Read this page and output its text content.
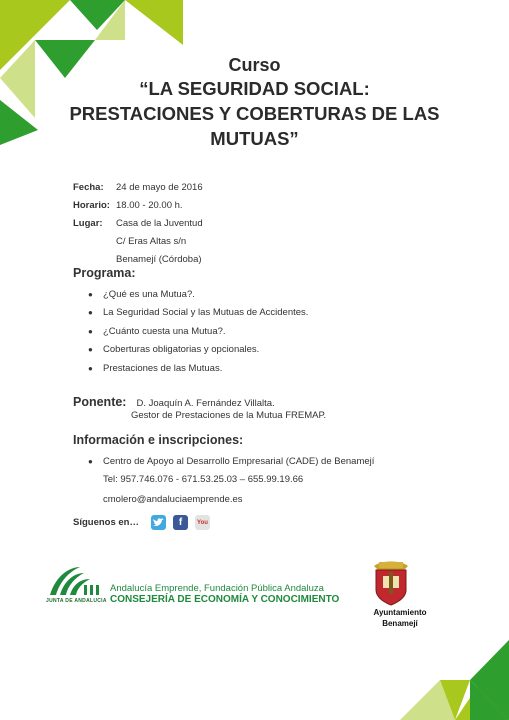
Curso
“LA SEGURIDAD SOCIAL:
PRESTACIONES Y COBERTURAS DE LAS
MUTUAS”
Fecha:	24 de mayo de 2016
Horario: 18.00 - 20.00 h.
Lugar:	Casa de la Juventud
C/ Eras Altas s/n
Benamejí (Córdoba)
Programa:
●	¿Qué es una Mutua?.
●	La Seguridad Social y las Mutuas de Accidentes.
●	¿Cuánto cuesta una Mutua?.
●	Coberturas obligatorias y opcionales.
●	Prestaciones de las Mutuas.
Ponente: D. Joaquín A. Fernández Villalta.
Gestor de Prestaciones de la Mutua FREMAP.
Información e inscripciones:
●	Centro de Apoyo al Desarrollo Empresarial (CADE) de Benamejí
Tel: 957.746.076 - 671.53.25.03 – 655.99.19.66
cmolero@andaluciaemprende.es
Síguenos en…	f	You
JUNTA DE ANDALUCIA
Andalucía Emprende, Fundación Pública Andaluza
CONSEJERÍA DE ECONOMÍA Y CONOCIMIENTO
Ayuntamiento
Benamejí
